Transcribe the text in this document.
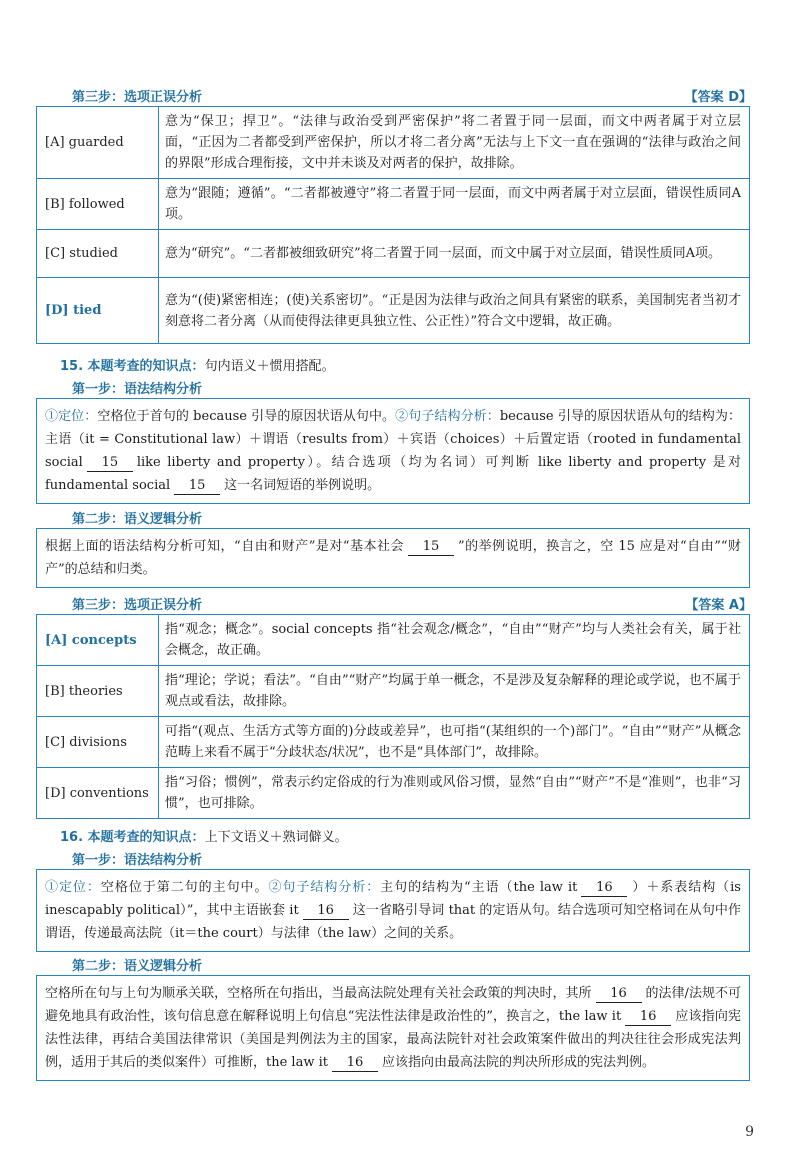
第三步：选项正误分析	【答案 D】
[A] guarded	意为“保卫；捍卫”。“法律与政治受到严密保护”将二者置于同一层面，而文中两者属于对立层面，“正因为二者都受到严密保护，所以才将二者分离”无法与上下文一直在强调的“法律与政治之间的界限”形成合理衔接，文中并未谈及对两者的保护，故排除。
[B] followed	意为“跟随；遵循”。“二者都被遵守”将二者置于同一层面，而文中两者属于对立层面，错误性质同A项。
[C] studied	意为“研究”。“二者都被细致研究”将二者置于同一层面，而文中属于对立层面，错误性质同A项。
[D] tied	意为“(使)紧密相连；(使)关系密切”。“正是因为法律与政治之间具有紧密的联系，美国制宪者当初才刻意将二者分离（从而使得法律更具独立性、公正性）”符合文中逻辑，故正确。
15. 本题考查的知识点：句内语义＋惯用搭配。
第一步：语法结构分析
①定位：空格位于首句的 because 引导的原因状语从句中。②句子结构分析：because 引导的原因状语从句的结构为：主语（it = Constitutional law）＋谓语（results from）＋宾语（choices）＋后置定语（rooted in fundamental social 15 like liberty and property）。结合选项（均为名词）可判断 like liberty and property 是对 fundamental social 15 这一名词短语的举例说明。
第二步：语义逻辑分析
根据上面的语法结构分析可知，“自由和财产”是对“基本社会 15 ”的举例说明，换言之，空 15 应是对“自由”“财产”的总结和归类。
第三步：选项正误分析	【答案 A】
[A] concepts	指“观念；概念”。social concepts 指“社会观念/概念”，“自由”“财产”均与人类社会有关，属于社会概念，故正确。
[B] theories	指“理论；学说；看法”。“自由”“财产”均属于单一概念，不是涉及复杂解释的理论或学说，也不属于观点或看法，故排除。
[C] divisions	可指“(观点、生活方式等方面的)分歧或差异”，也可指“(某组织的一个)部门”。“自由”“财产”从概念范畴上来看不属于“分歧状态/状况”，也不是“具体部门”，故排除。
[D] conventions	指“习俗；惯例”，常表示约定俗成的行为准则或风俗习惯，显然“自由”“财产”不是“准则”，也非“习惯”，也可排除。
16. 本题考查的知识点：上下文语义＋熟词僻义。
第一步：语法结构分析
①定位：空格位于第二句的主句中。②句子结构分析：主句的结构为“主语（the law it 16 ）＋系表结构（is inescapably political）”，其中主语嵌套 it 16 这一省略引导词 that 的定语从句。结合选项可知空格词在从句中作谓语，传递最高法院（it＝the court）与法律（the law）之间的关系。
第二步：语义逻辑分析
空格所在句与上句为顺承关联，空格所在句指出，当最高法院处理有关社会政策的判决时，其所 16 的法律/法规不可避免地具有政治性，该句信息意在解释说明上句信息“宪法性法律是政治性的”，换言之，the law it 16 应该指向宪法性法律，再结合美国法律常识（美国是判例法为主的国家，最高法院针对社会政策案件做出的判决往往会形成宪法判例，适用于其后的类似案件）可推断，the law it 16 应该指向由最高法院的判决所形成的宪法判例。
9
